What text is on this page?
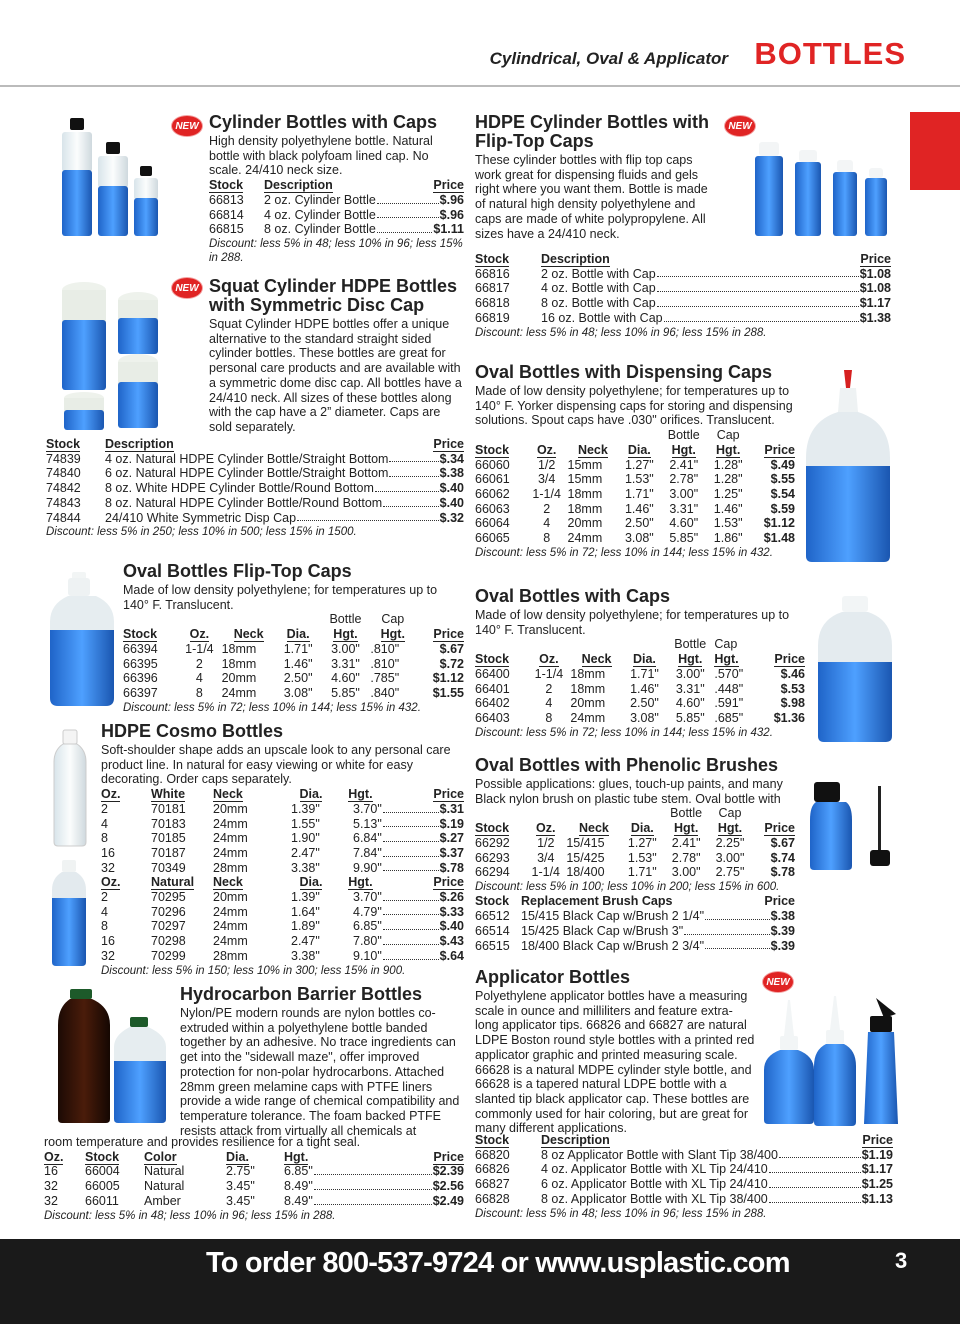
Cylindrical, Oval & Applicator BOTTLES
NEW Cylinder Bottles with Caps
High density polyethylene bottle. Natural bottle with black polyfoam lined cap. No scale. 24/410 neck size.
Stock	Description	Price
66813	2 oz. Cylinder Bottle $.96	

66814	4 oz. Cylinder Bottle $.96	

66815	8 oz. Cylinder Bottle $1.11	
Discount: less 5% in 48; less 10% in 96; less 15% in 288.
NEW Squat Cylinder HDPE Bottles
with Symmetric Disc Cap
Squat Cylinder HDPE bottles offer a unique alternative to the standard straight sided cylinder bottles. These bottles are great for personal care products and are available with a symmetric dome disc cap. All bottles have a 24/410 neck. All sizes of these bottles along with the cap have a 2” diameter. Caps are sold separately.
Stock	Description	Price
74839	4 oz. Natural HDPE Cylinder Bottle/Straight Bottom $.34	

74840	6 oz. Natural HDPE Cylinder Bottle/Straight Bottom $.38	

74842	8 oz. White HDPE Cylinder Bottle/Round Bottom $.40	

74843	8 oz. Natural HDPE Cylinder Bottle/Round Bottom $.40	

74844	24/410 White Symmetric Disp Cap $.32	
Discount: less 5% in 250; less 10% in 500; less 15% in 1500.
Oval Bottles Flip-Top Caps
Made of low density polyethylene; for temperatures up to 140° F. Translucent.
				Bottle	Cap	
Stock	Oz.	Neck	Dia.	Hgt.	Hgt.	Price
66394	1-1/4	18mm	1.71"	3.00"	.810"	$.67
66395	2	18mm	1.46"	3.31"	.810"	$.72
66396	4	20mm	2.50"	4.60"	.785"	$1.12
66397	8	24mm	3.08"	5.85"	.840"	$1.55
Discount: less 5% in 72; less 10% in 144; less 15% in 432.
HDPE Cosmo Bottles
Soft-shoulder shape adds an upscale look to any personal care product line. In natural for easy viewing or white for easy decorating. Order caps separately.
Oz.	White	Neck	Dia.	Hgt.	Price
2	70181	20mm	1.39"	3.70" $.31	

4	70183	24mm	1.55"	5.13" $.19	

8	70185	24mm	1.90"	6.84" $.27	

16	70187	24mm	2.47"	7.84" $.37	

32	70349	28mm	3.38"	9.90" $.78	

Oz.	Natural	Neck	Dia.	Hgt.	Price
2	70295	20mm	1.39"	3.70" $.26	

4	70296	24mm	1.64"	4.79" $.33	

8	70297	24mm	1.89"	6.85" $.40	

16	70298	24mm	2.47"	7.80" $.43	

32	70299	28mm	3.38"	9.10" $.64	
Discount: less 5% in 150; less 10% in 300; less 15% in 900.
Hydrocarbon Barrier Bottles
Nylon/PE modern rounds are nylon bottles co-extruded within a polyethylene bottle banded together by an adhesive. No trace ingredients can get into the "sidewall maze", offer improved protection for non-polar hydrocarbons. Attached 28mm green melamine caps with PTFE liners provide a wide range of chemical compatibility and temperature tolerance. The foam backed PTFE resists attack from virtually all chemicals at
room temperature and provides resilience for a tight seal.
Oz.	Stock	Color	Dia.	Hgt.	Price
16	66004	Natural	2.75"	6.85" $2.39	

32	66005	Natural	3.45"	8.49" $2.56	

32	66011	Amber	3.45"	8.49" $2.49	
Discount: less 5% in 48; less 10% in 96; less 15% in 288.
HDPE Cylinder Bottles with
Flip-Top Caps
These cylinder bottles with flip top caps work great for dispensing fluids and gels right where you want them. Bottle is made of natural high density polyethylene and caps are made of white polypropylene. All sizes have a 24/410 neck.
NEW
Stock	Description	Price
66816	2 oz. Bottle with Cap $1.08	

66817	4 oz. Bottle with Cap $1.08	

66818	8 oz. Bottle with Cap $1.17	

66819	16 oz. Bottle with Cap $1.38	
Discount: less 5% in 48; less 10% in 96; less 15% in 288.
Oval Bottles with Dispensing Caps
Made of low density polyethylene; for temperatures up to 140° F. Yorker dispensing caps for storing and dispensing solutions. Spout caps have .030" orifices. Translucent.
				Bottle	Cap	
Stock	Oz.	Neck	Dia.	Hgt.	Hgt.	Price
66060	1/2	15mm	1.27"	2.41"	1.28"	$.49
66061	3/4	15mm	1.53"	2.78"	1.28"	$.55
66062	1-1/4	18mm	1.71"	3.00"	1.25"	$.54
66063	2	18mm	1.46"	3.31"	1.46"	$.59
66064	4	20mm	2.50"	4.60"	1.53"	$1.12
66065	8	24mm	3.08"	5.85"	1.86"	$1.48
Discount: less 5% in 72; less 10% in 144; less 15% in 432.
Oval Bottles with Caps
Made of low density polyethylene; for temperatures up to 140° F. Translucent.
				Bottle	Cap	
Stock	Oz.	Neck	Dia.	Hgt.	Hgt.	Price
66400	1-1/4	18mm	1.71"	3.00"	.570"	$.46
66401	2	18mm	1.46"	3.31"	.448"	$.53
66402	4	20mm	2.50"	4.60"	.591"	$.98
66403	8	24mm	3.08"	5.85"	.685"	$1.36
Discount: less 5% in 72; less 10% in 144; less 15% in 432.
Oval Bottles with Phenolic Brushes
Possible applications: glues, touch-up paints, and many Black nylon brush on plastic tube stem. Oval bottle with
				Bottle	Cap	
Stock	Oz.	Neck	Dia.	Hgt.	Hgt.	Price
66292	1/2	15/415	1.27"	2.41"	2.25"	$.67
66293	3/4	15/425	1.53"	2.78"	3.00"	$.74
66294	1-1/4	18/400	1.71"	3.00"	2.75"	$.78
Discount: less 5% in 100; less 10% in 200; less 15% in 600.
Stock	Replacement Brush Caps	Price
66512	15/415 Black Cap w/Brush 2 1/4" $.38	

66514	15/425 Black Cap w/Brush 3" $.39	

66515	18/400 Black Cap w/Brush 2 3/4" $.39	
Applicator Bottles
Polyethylene applicator bottles have a measuring scale in ounce and milliliters and feature extra-long applicator tips. 66826 and 66827 are natural LDPE Boston round style bottles with a printed red applicator graphic and printed measuring scale. 66628 is a natural MDPE cylinder style bottle, and 66628 is a tapered natural LDPE bottle with a slanted tip black applicator cap. These bottles are commonly used for hair coloring, but are great for many different applications.
NEW
Stock	Description	Price
66820	8 oz Applicator Bottle with Slant Tip 38/400 $1.19	

66826	4 oz. Applicator Bottle with XL Tip 24/410 $1.17	

66827	6 oz. Applicator Bottle with XL Tip 24/410 $1.25	

66828	8 oz. Applicator Bottle with XL Tip 38/400 $1.13	
Discount: less 5% in 48; less 10% in 96; less 15% in 288.
To order 800-537-9724 or www.usplastic.com	3
